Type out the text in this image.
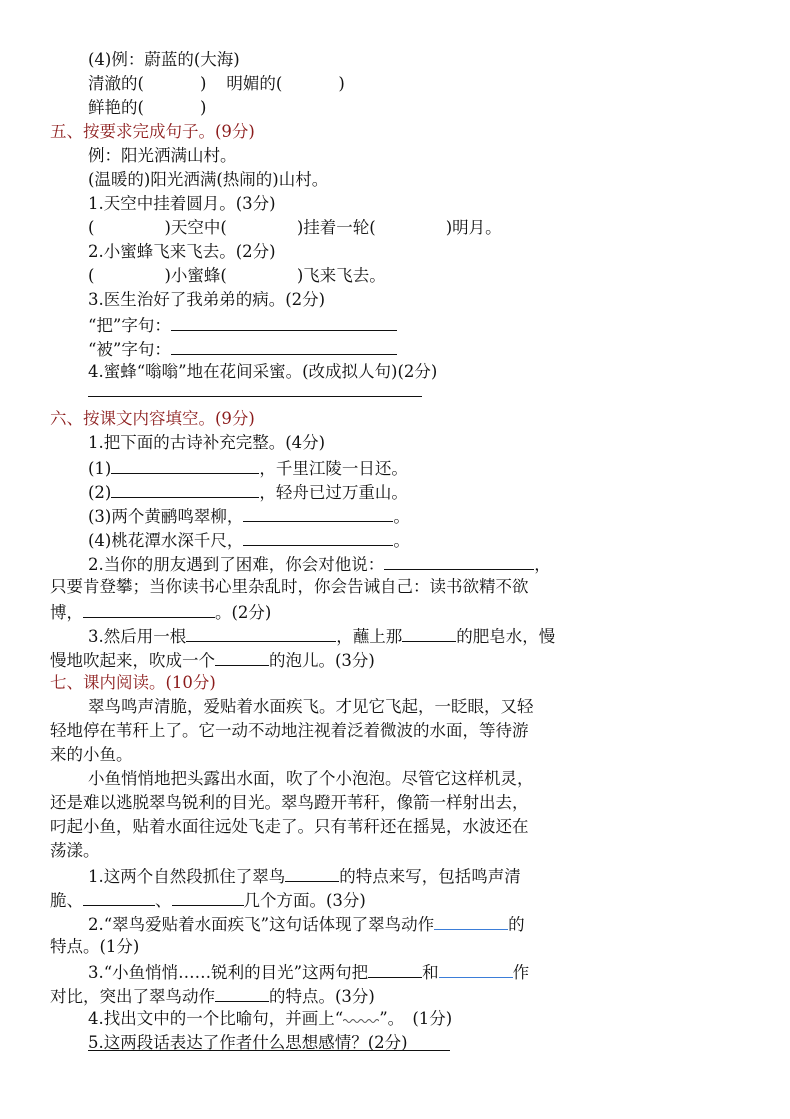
(4)例：蔚蓝的(大海)
清澈的(	) 明媚的(	)
鲜艳的(	)
五、按要求完成句子。(9分)
例：阳光洒满山村。
(温暖的)阳光洒满(热闹的)山村。
1.天空中挂着圆月。(3分)
(	)天空中(	)挂着一轮(	)明月。
2.小蜜蜂飞来飞去。(2分)
(	)小蜜蜂(	)飞来飞去。
3.医生治好了我弟弟的病。(2分)
“把”字句：
“被”字句：
4.蜜蜂“嗡嗡”地在花间采蜜。(改成拟人句)(2分)
六、按课文内容填空。(9分)
1.把下面的古诗补充完整。(4分)
(1)	，千里江陵一日还。
(2)	，轻舟已过万重山。
(3)两个黄鹂鸣翠柳，	。
(4)桃花潭水深千尺，	。
2.当你的朋友遇到了困难，你会对他说：	，
只要肯登攀；当你读书心里杂乱时，你会告诫自己：读书欲精不欲
博，	。(2分)
3.然后用一根	，蘸上那	的肥皂水，慢
慢地吹起来，吹成一个	的泡儿。(3分)
七、课内阅读。(10分)
翠鸟鸣声清脆，爱贴着水面疾飞。才见它飞起，一眨眼，又轻
轻地停在苇秆上了。它一动不动地注视着泛着微波的水面，等待游
来的小鱼。
小鱼悄悄地把头露出水面，吹了个小泡泡。尽管它这样机灵，
还是难以逃脱翠鸟锐利的目光。翠鸟蹬开苇秆，像箭一样射出去，
叼起小鱼，贴着水面往远处飞走了。只有苇秆还在摇晃，水波还在
荡漾。
1.这两个自然段抓住了翠鸟	的特点来写，包括鸣声清
脆、	、	几个方面。(3分)
2.“翠鸟爱贴着水面疾飞”这句话体现了翠鸟动作	的
特点。(1分)
3.“小鱼悄悄……锐利的目光”这两句把	和	作
对比，突出了翠鸟动作	的特点。(3分)
4.找出文中的一个比喻句，并画上“ ”。　(1分)
5.这两段话表达了作者什么思想感情？(2分)
